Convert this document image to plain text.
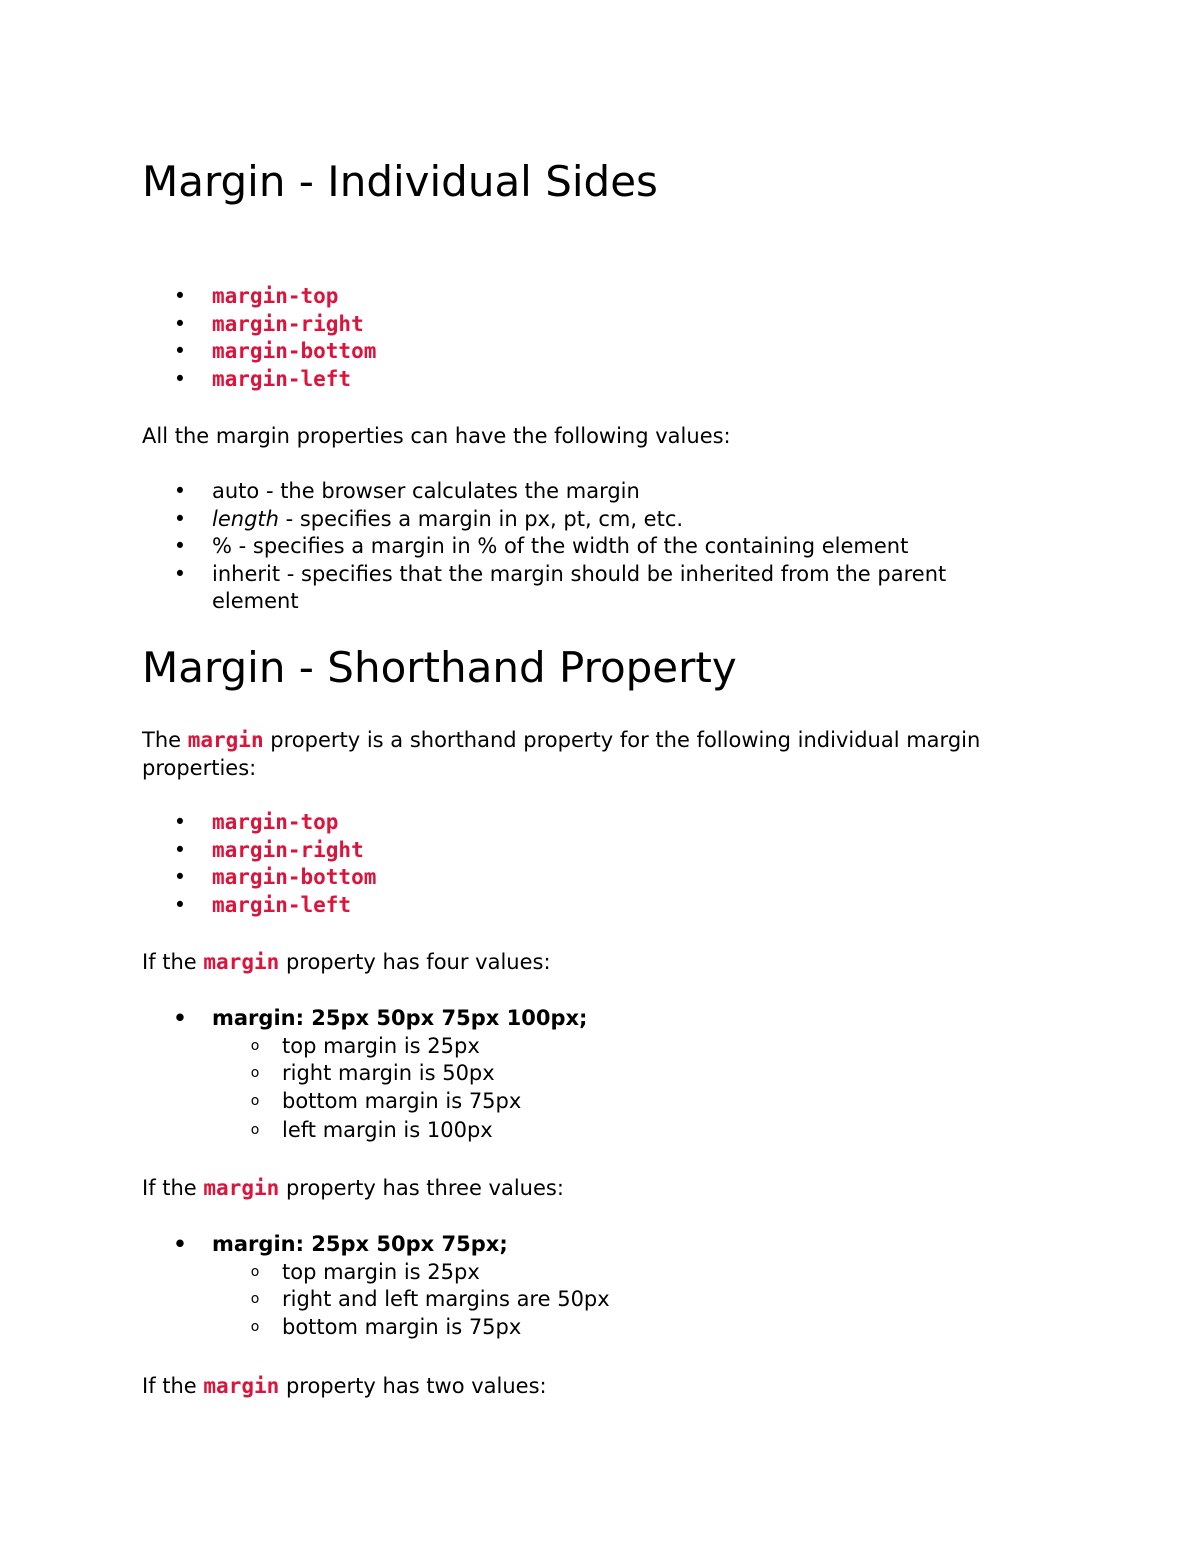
Margin - Individual Sides
• margin-top
• margin-right
• margin-bottom
• margin-left
All the margin properties can have the following values:
• auto - the browser calculates the margin
• length - specifies a margin in px, pt, cm, etc.
• % - specifies a margin in % of the width of the containing element
• inherit - specifies that the margin should be inherited from the parent
element
Margin - Shorthand Property
The margin property is a shorthand property for the following individual margin
properties:
• margin-top
• margin-right
• margin-bottom
• margin-left
If the margin property has four values:
• margin: 25px 50px 75px 100px;
o top margin is 25px
o right margin is 50px
o bottom margin is 75px
o left margin is 100px
If the margin property has three values:
• margin: 25px 50px 75px;
o top margin is 25px
o right and left margins are 50px
o bottom margin is 75px
If the margin property has two values:
